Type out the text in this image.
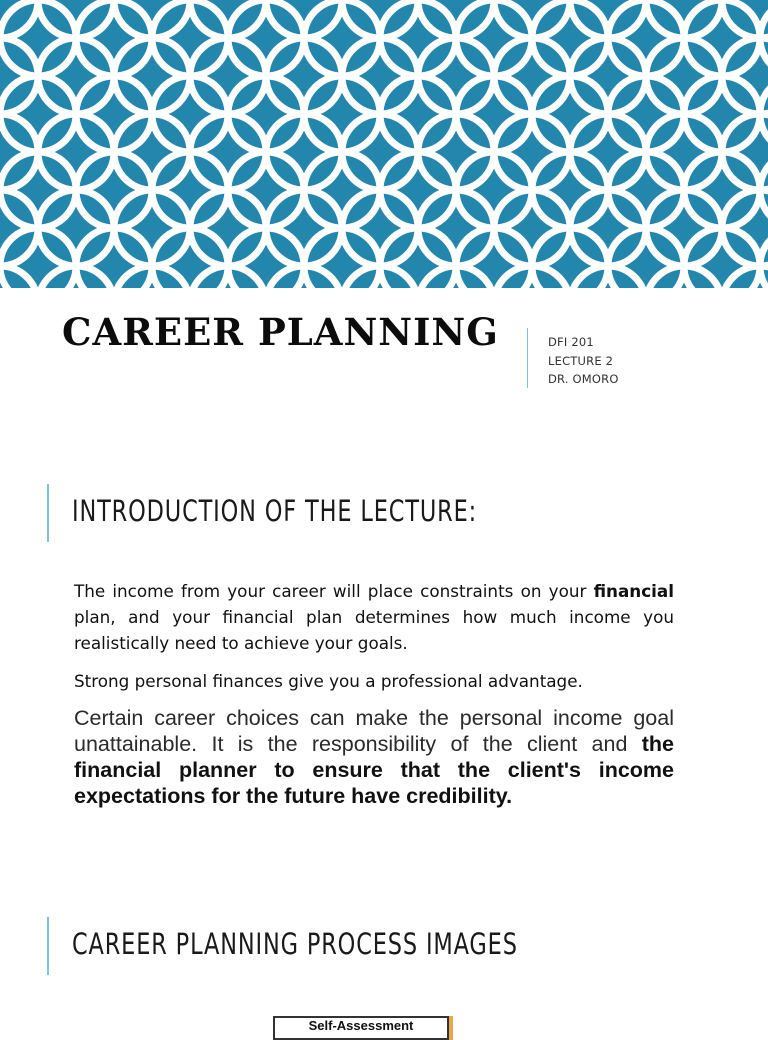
CAREER PLANNING	DFI 201
LECTURE 2
DR. OMORO
INTRODUCTION OF THE LECTURE:

The income from your career will place constraints on your financial plan, and your financial plan determines how much income you realistically need to achieve your goals.

Strong personal finances give you a professional advantage.

Certain career choices can make the personal income goal unattainable. It is the responsibility of the client and the financial planner to ensure that the client's income expectations for the future have credibility.

CAREER PLANNING PROCESS IMAGES
Self-Assessment
